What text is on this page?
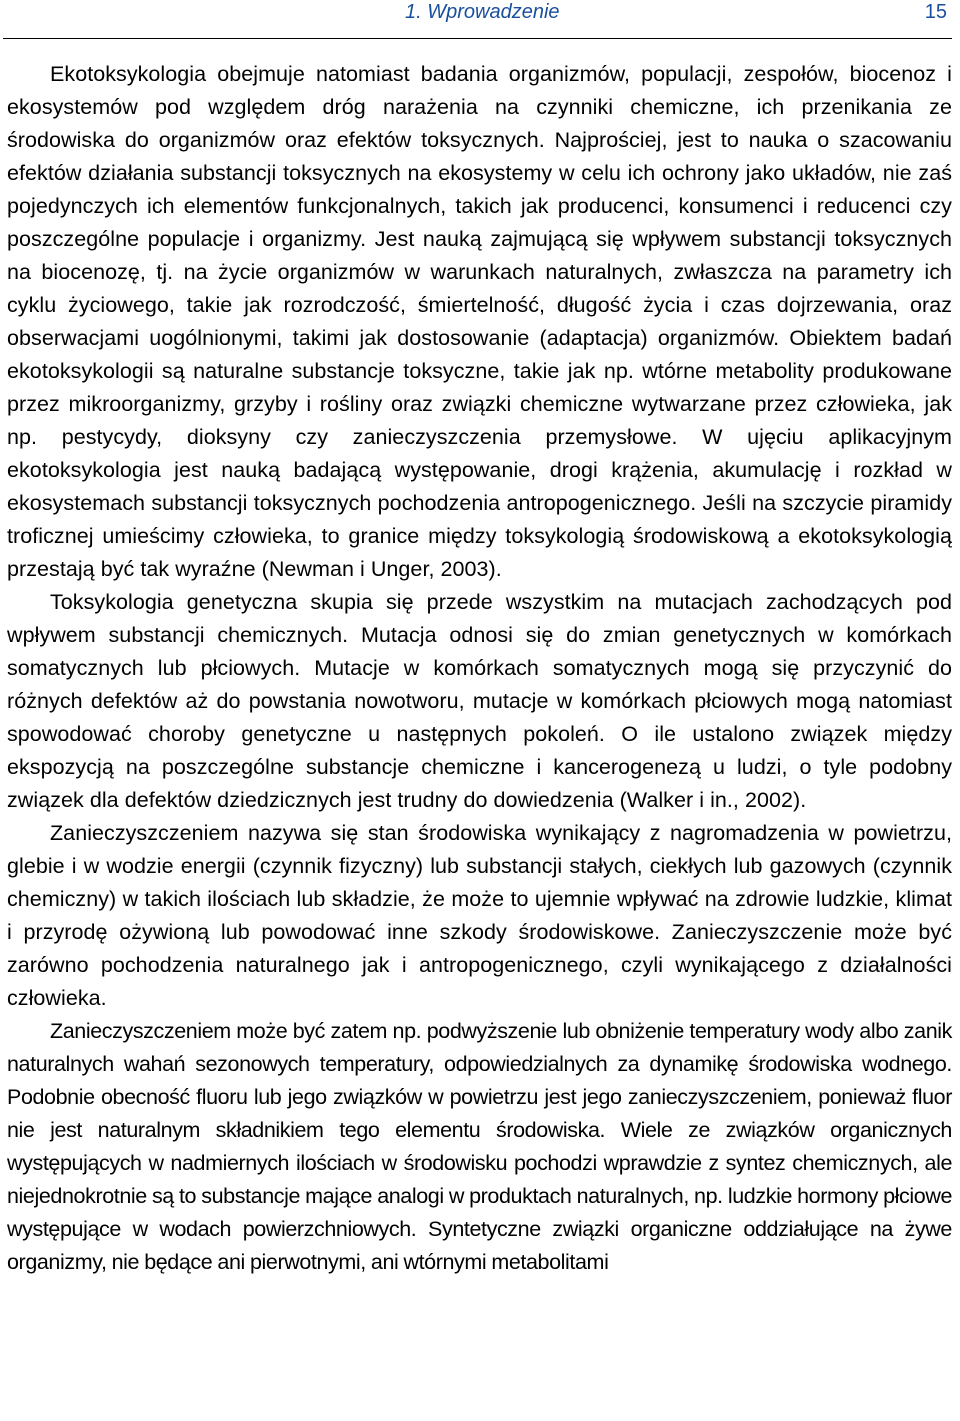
1. Wprowadzenie	15

Ekotoksykologia obejmuje natomiast badania organizmów, populacji, zespołów, biocenoz i ekosystemów pod względem dróg narażenia na czynniki chemiczne, ich przenikania ze środowiska do organizmów oraz efektów toksycznych. Najprościej, jest to nauka o szacowaniu efektów działania substancji toksycznych na ekosystemy w celu ich ochrony jako układów, nie zaś pojedynczych ich elementów funkcjonalnych, takich jak producenci, konsumenci i reducenci czy poszczególne populacje i organizmy. Jest nauką zajmującą się wpływem substancji toksycznych na biocenozę, tj. na życie organizmów w warunkach naturalnych, zwłaszcza na parametry ich cyklu życiowego, takie jak rozrodczość, śmiertelność, długość życia i czas dojrzewania, oraz obserwacjami uogólnionymi, takimi jak dostosowanie (adaptacja) organizmów. Obiektem badań ekotoksykologii są naturalne substancje toksyczne, takie jak np. wtórne metabolity produkowane przez mikroorganizmy, grzyby i rośliny oraz związki chemiczne wytwarzane przez człowieka, jak np. pestycydy, dioksyny czy zanieczyszczenia przemysłowe. W ujęciu aplikacyjnym ekotoksykologia jest nauką badającą występowanie, drogi krążenia, akumulację i rozkład w ekosystemach substancji toksycznych pochodzenia antropogenicznego. Jeśli na szczycie piramidy troficznej umieścimy człowieka, to granice między toksykologią środowiskową a ekotoksykologią przestają być tak wyraźne (Newman i Unger, 2003).

Toksykologia genetyczna skupia się przede wszystkim na mutacjach zachodzących pod wpływem substancji chemicznych. Mutacja odnosi się do zmian genetycznych w komórkach somatycznych lub płciowych. Mutacje w komórkach somatycznych mogą się przyczynić do różnych defektów aż do powstania nowotworu, mutacje w komórkach płciowych mogą natomiast spowodować choroby genetyczne u następnych pokoleń. O ile ustalono związek między ekspozycją na poszczególne substancje chemiczne i kancerogenezą u ludzi, o tyle podobny związek dla defektów dziedzicznych jest trudny do dowiedzenia (Walker i in., 2002).

Zanieczyszczeniem nazywa się stan środowiska wynikający z nagromadzenia w powietrzu, glebie i w wodzie energii (czynnik fizyczny) lub substancji stałych, ciekłych lub gazowych (czynnik chemiczny) w takich ilościach lub składzie, że może to ujemnie wpływać na zdrowie ludzkie, klimat i przyrodę ożywioną lub powodować inne szkody środowiskowe. Zanieczyszczenie może być zarówno pochodzenia naturalnego jak i antropogenicznego, czyli wynikającego z działalności człowieka.

Zanieczyszczeniem może być zatem np. podwyższenie lub obniżenie temperatury wody albo zanik naturalnych wahań sezonowych temperatury, odpowiedzialnych za dynamikę środowiska wodnego. Podobnie obecność fluoru lub jego związków w powietrzu jest jego zanieczyszczeniem, ponieważ fluor nie jest naturalnym składnikiem tego elementu środowiska. Wiele ze związków organicznych występujących w nadmiernych ilościach w środowisku pochodzi wprawdzie z syntez chemicznych, ale niejednokrotnie są to substancje mające analogi w produktach naturalnych, np. ludzkie hormony płciowe występujące w wodach powierzchniowych. Syntetyczne związki organiczne oddziałujące na żywe organizmy, nie będące ani pierwotnymi, ani wtórnymi metabolitami
